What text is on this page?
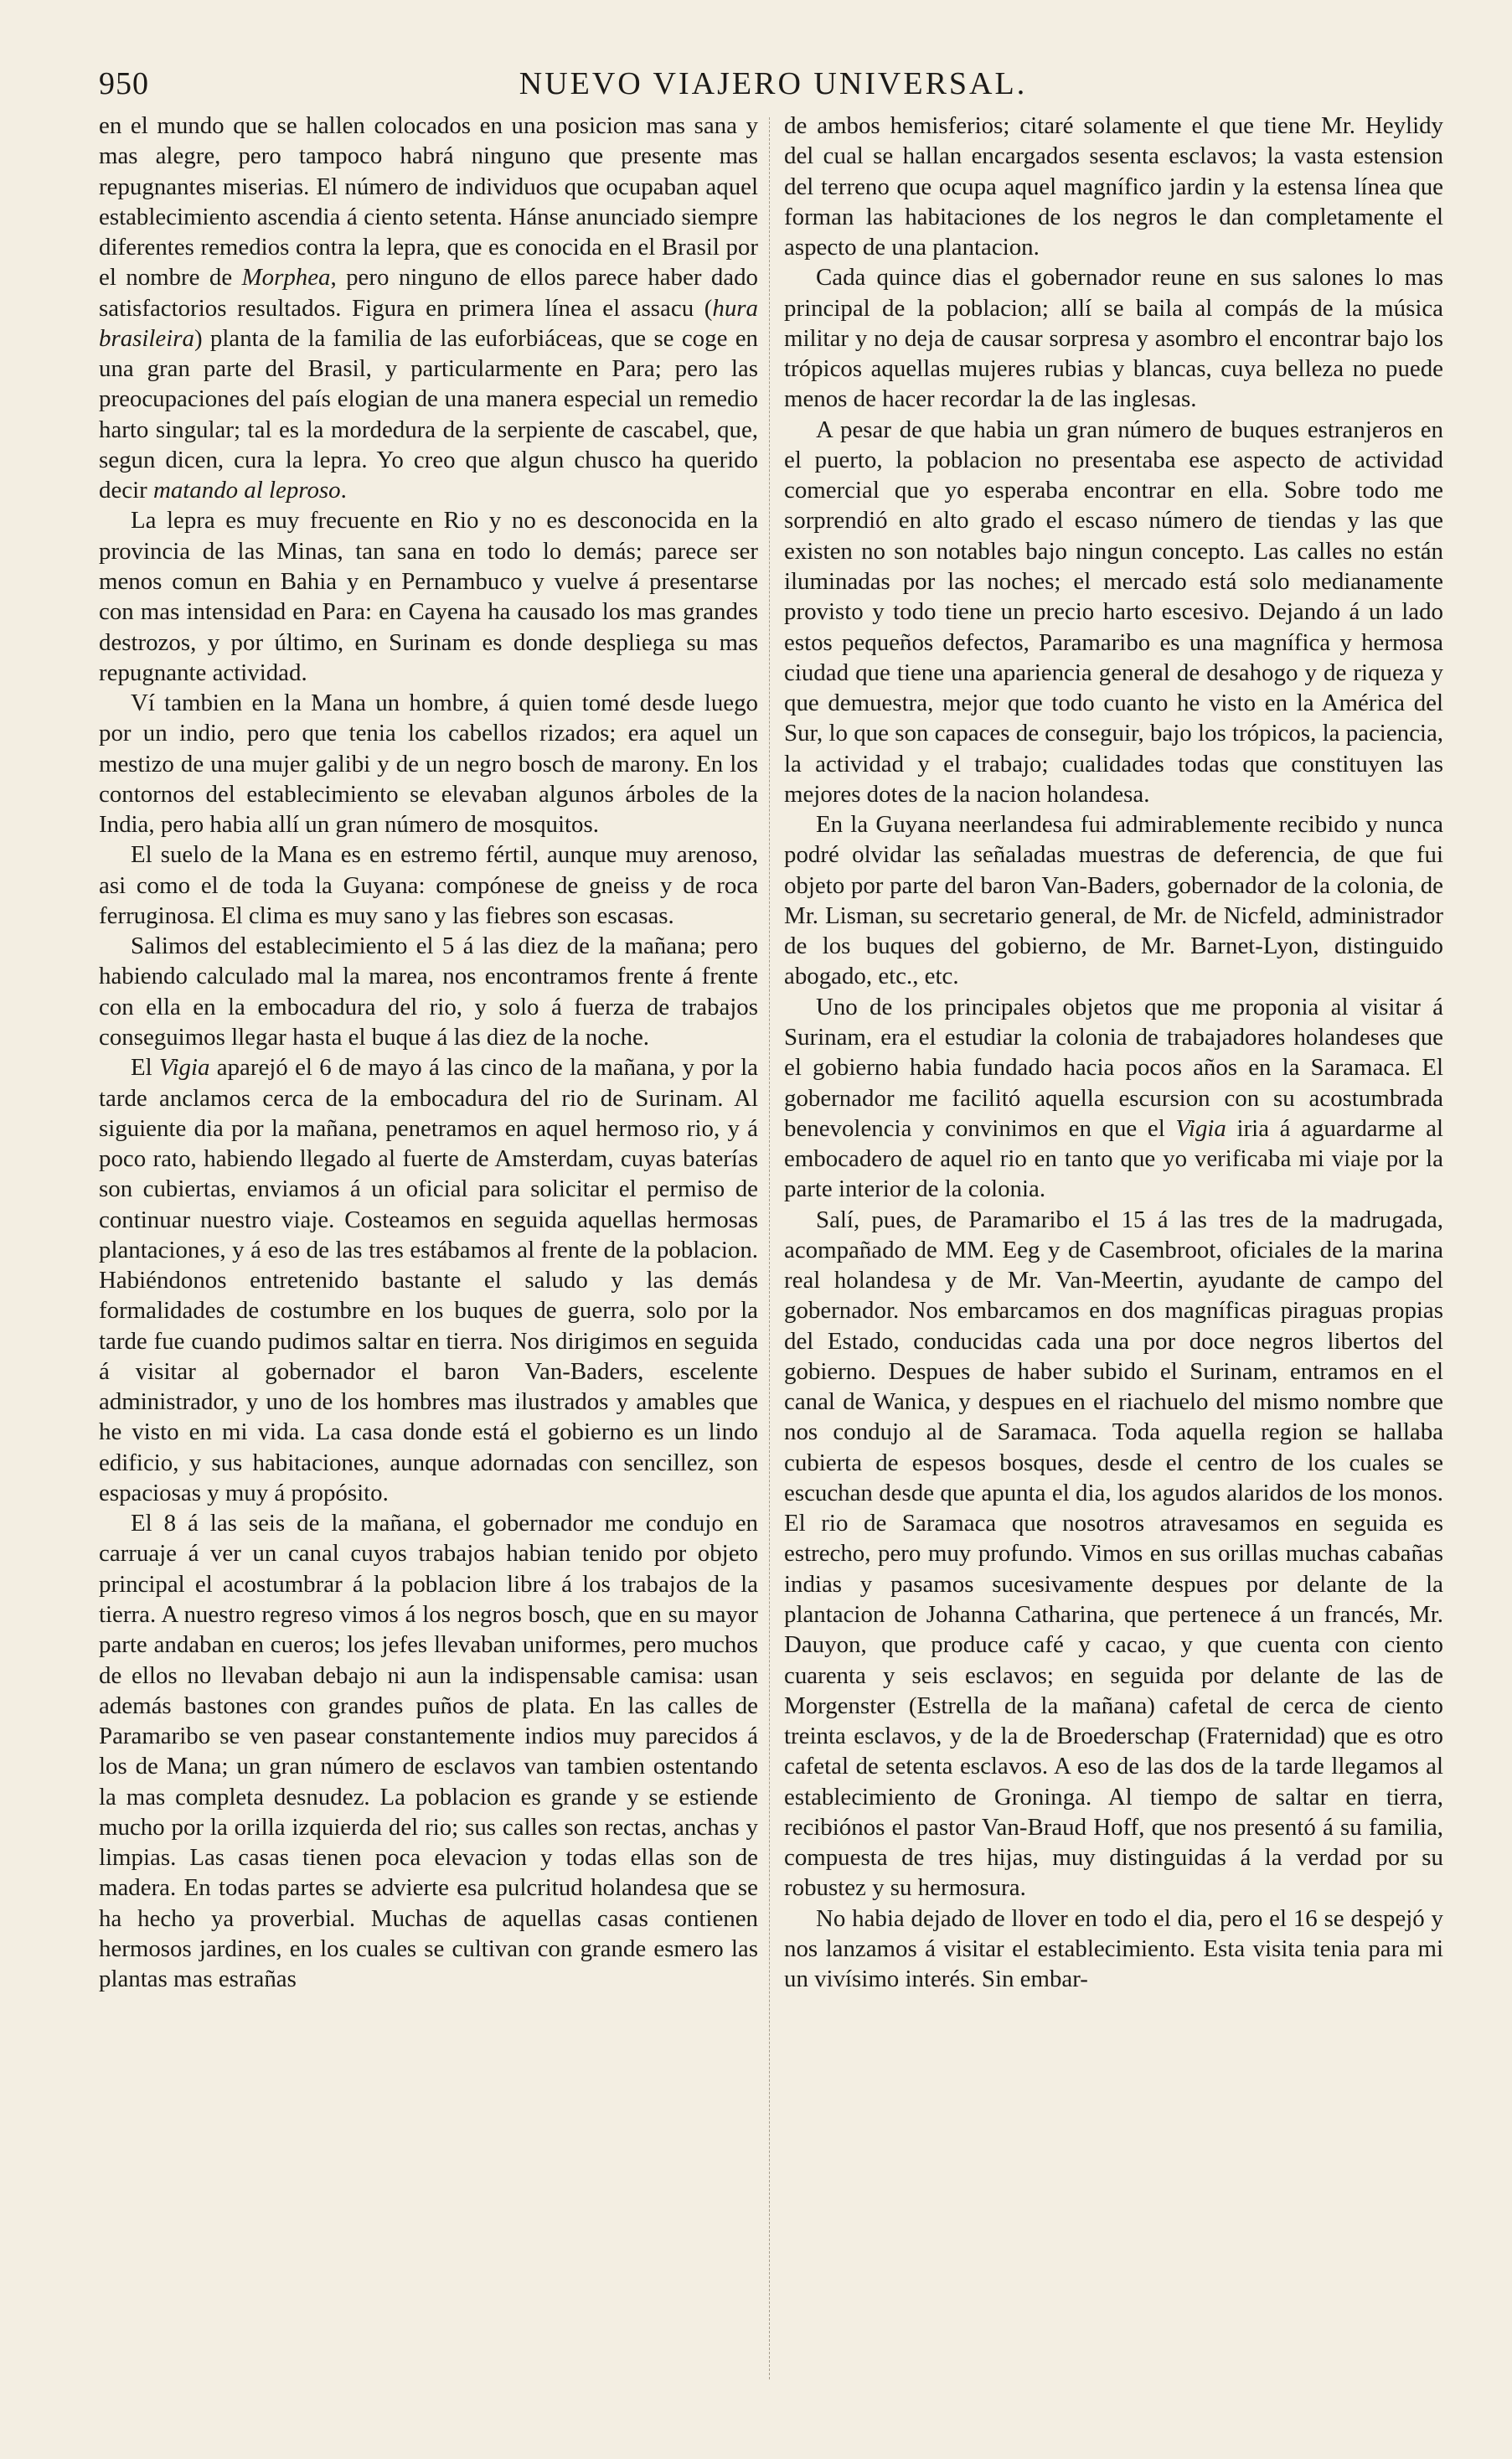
950	NUEVO VIAJERO UNIVERSAL.

en el mundo que se hallen colocados en una posicion mas sana y mas alegre, pero tampoco habrá ninguno que presente mas repugnantes miserias. El número de individuos que ocupaban aquel establecimiento ascendia á ciento setenta. Hánse anunciado siempre diferentes remedios contra la lepra, que es conocida en el Brasil por el nombre de Morphea, pero ninguno de ellos parece haber dado satisfactorios resultados. Figura en primera línea el assacu (hura brasileira) planta de la familia de las euforbiáceas, que se coge en una gran parte del Brasil, y particularmente en Para; pero las preocupaciones del país elogian de una manera especial un remedio harto singular; tal es la mordedura de la serpiente de cascabel, que, segun dicen, cura la lepra. Yo creo que algun chusco ha querido decir matando al leproso.

La lepra es muy frecuente en Rio y no es desconocida en la provincia de las Minas, tan sana en todo lo demás; parece ser menos comun en Bahia y en Pernambuco y vuelve á presentarse con mas intensidad en Para: en Cayena ha causado los mas grandes destrozos, y por último, en Surinam es donde despliega su mas repugnante actividad.

Ví tambien en la Mana un hombre, á quien tomé desde luego por un indio, pero que tenia los cabellos rizados; era aquel un mestizo de una mujer galibi y de un negro bosch de marony. En los contornos del establecimiento se elevaban algunos árboles de la India, pero habia allí un gran número de mosquitos.

El suelo de la Mana es en estremo fértil, aunque muy arenoso, asi como el de toda la Guyana: compónese de gneiss y de roca ferruginosa. El clima es muy sano y las fiebres son escasas.

Salimos del establecimiento el 5 á las diez de la mañana; pero habiendo calculado mal la marea, nos encontramos frente á frente con ella en la embocadura del rio, y solo á fuerza de trabajos conseguimos llegar hasta el buque á las diez de la noche.

El Vigia aparejó el 6 de mayo á las cinco de la mañana, y por la tarde anclamos cerca de la embocadura del rio de Surinam. Al siguiente dia por la mañana, penetramos en aquel hermoso rio, y á poco rato, habiendo llegado al fuerte de Amsterdam, cuyas baterías son cubiertas, enviamos á un oficial para solicitar el permiso de continuar nuestro viaje. Costeamos en seguida aquellas hermosas plantaciones, y á eso de las tres estábamos al frente de la poblacion. Habiéndonos entretenido bastante el saludo y las demás formalidades de costumbre en los buques de guerra, solo por la tarde fue cuando pudimos saltar en tierra. Nos dirigimos en seguida á visitar al gobernador el baron Van-Baders, escelente administrador, y uno de los hombres mas ilustrados y amables que he visto en mi vida. La casa donde está el gobierno es un lindo edificio, y sus habitaciones, aunque adornadas con sencillez, son espaciosas y muy á propósito.

El 8 á las seis de la mañana, el gobernador me condujo en carruaje á ver un canal cuyos trabajos habian tenido por objeto principal el acostumbrar á la poblacion libre á los trabajos de la tierra. A nuestro regreso vimos á los negros bosch, que en su mayor parte andaban en cueros; los jefes llevaban uniformes, pero muchos de ellos no llevaban debajo ni aun la indispensable camisa: usan además bastones con grandes puños de plata. En las calles de Paramaribo se ven pasear constantemente indios muy parecidos á los de Mana; un gran número de esclavos van tambien ostentando la mas completa desnudez. La poblacion es grande y se estiende mucho por la orilla izquierda del rio; sus calles son rectas, anchas y limpias. Las casas tienen poca elevacion y todas ellas son de madera. En todas partes se advierte esa pulcritud holandesa que se ha hecho ya proverbial. Muchas de aquellas casas contienen hermosos jardines, en los cuales se cultivan con grande esmero las plantas mas estrañas

de ambos hemisferios; citaré solamente el que tiene Mr. Heylidy del cual se hallan encargados sesenta esclavos; la vasta estension del terreno que ocupa aquel magnífico jardin y la estensa línea que forman las habitaciones de los negros le dan completamente el aspecto de una plantacion.

Cada quince dias el gobernador reune en sus salones lo mas principal de la poblacion; allí se baila al compás de la música militar y no deja de causar sorpresa y asombro el encontrar bajo los trópicos aquellas mujeres rubias y blancas, cuya belleza no puede menos de hacer recordar la de las inglesas.

A pesar de que habia un gran número de buques estranjeros en el puerto, la poblacion no presentaba ese aspecto de actividad comercial que yo esperaba encontrar en ella. Sobre todo me sorprendió en alto grado el escaso número de tiendas y las que existen no son notables bajo ningun concepto. Las calles no están iluminadas por las noches; el mercado está solo medianamente provisto y todo tiene un precio harto escesivo. Dejando á un lado estos pequeños defectos, Paramaribo es una magnífica y hermosa ciudad que tiene una apariencia general de desahogo y de riqueza y que demuestra, mejor que todo cuanto he visto en la América del Sur, lo que son capaces de conseguir, bajo los trópicos, la paciencia, la actividad y el trabajo; cualidades todas que constituyen las mejores dotes de la nacion holandesa.

En la Guyana neerlandesa fui admirablemente recibido y nunca podré olvidar las señaladas muestras de deferencia, de que fui objeto por parte del baron Van-Baders, gobernador de la colonia, de Mr. Lisman, su secretario general, de Mr. de Nicfeld, administrador de los buques del gobierno, de Mr. Barnet-Lyon, distinguido abogado, etc., etc.

Uno de los principales objetos que me proponia al visitar á Surinam, era el estudiar la colonia de trabajadores holandeses que el gobierno habia fundado hacia pocos años en la Saramaca. El gobernador me facilitó aquella escursion con su acostumbrada benevolencia y convinimos en que el Vigia iria á aguardarme al embocadero de aquel rio en tanto que yo verificaba mi viaje por la parte interior de la colonia.

Salí, pues, de Paramaribo el 15 á las tres de la madrugada, acompañado de MM. Eeg y de Casembroot, oficiales de la marina real holandesa y de Mr. Van-Meertin, ayudante de campo del gobernador. Nos embarcamos en dos magníficas piraguas propias del Estado, conducidas cada una por doce negros libertos del gobierno. Despues de haber subido el Surinam, entramos en el canal de Wanica, y despues en el riachuelo del mismo nombre que nos condujo al de Saramaca. Toda aquella region se hallaba cubierta de espesos bosques, desde el centro de los cuales se escuchan desde que apunta el dia, los agudos alaridos de los monos. El rio de Saramaca que nosotros atravesamos en seguida es estrecho, pero muy profundo. Vimos en sus orillas muchas cabañas indias y pasamos sucesivamente despues por delante de la plantacion de Johanna Catharina, que pertenece á un francés, Mr. Dauyon, que produce café y cacao, y que cuenta con ciento cuarenta y seis esclavos; en seguida por delante de las de Morgenster (Estrella de la mañana) cafetal de cerca de ciento treinta esclavos, y de la de Broederschap (Fraternidad) que es otro cafetal de setenta esclavos. A eso de las dos de la tarde llegamos al establecimiento de Groninga. Al tiempo de saltar en tierra, recibiónos el pastor Van-Braud Hoff, que nos presentó á su familia, compuesta de tres hijas, muy distinguidas á la verdad por su robustez y su hermosura.

No habia dejado de llover en todo el dia, pero el 16 se despejó y nos lanzamos á visitar el establecimiento. Esta visita tenia para mi un vivísimo interés. Sin embar-
